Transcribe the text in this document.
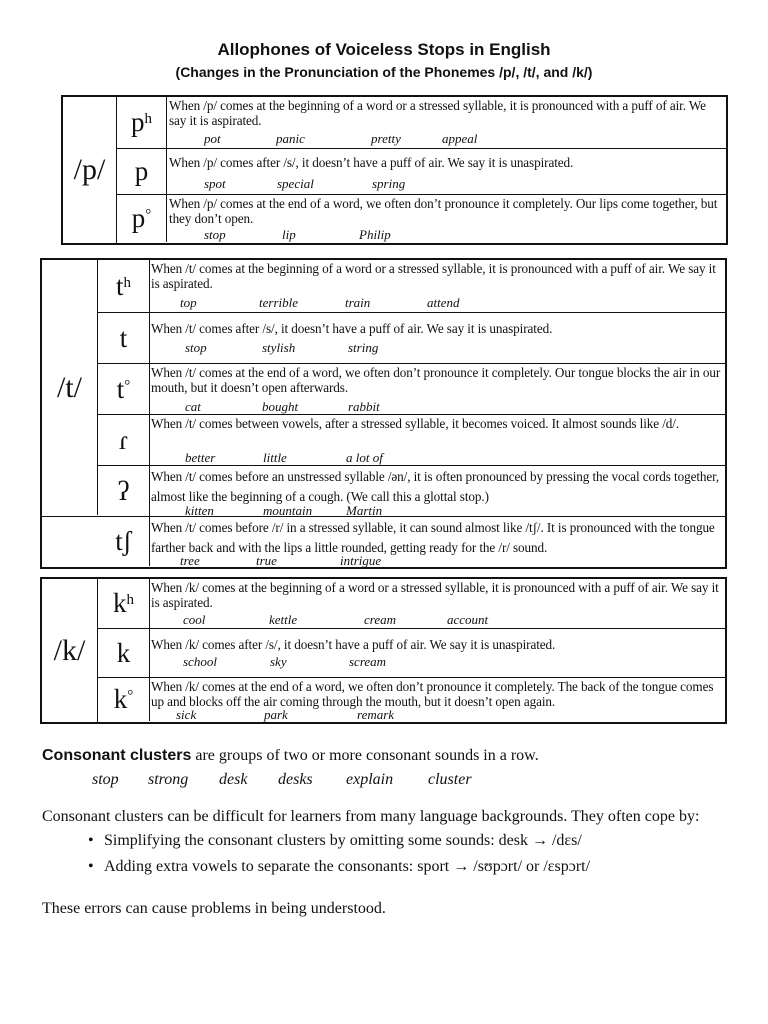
Allophones of Voiceless Stops in English
(Changes in the Pronunciation of the Phonemes /p/, /t/, and /k/)
/p/
$p^h$
When /p/ comes at the beginning of a word or a stressed syllable, it is pronounced with a puff of air. We say it is aspirated.
pot	panic	pretty	appeal
p When /p/ comes after /s/, it doesn’t have a puff of air. We say it is unaspirated.
spot	special	spring
p°
When /p/ comes at the end of a word, we often don’t pronounce it completely. Our lips come together, but they don’t open.
stop	lip	Philip
/t/
$t^h$
When /t/ comes at the beginning of a word or a stressed syllable, it is pronounced with a puff of air. We say it is aspirated.
top	terrible	train	attend
t When /t/ comes after /s/, it doesn’t have a puff of air. We say it is unaspirated.
stop	stylish	string
t°
When /t/ comes at the end of a word, we often don’t pronounce it completely. Our tongue blocks the air in our mouth, but it doesn’t open afterwards.
cat	bought	rabbit
ɾ
When /t/ comes between vowels, after a stressed syllable, it becomes voiced. It almost sounds like /d/.
better	little	a lot of
ʔ When /t/ comes before an unstressed syllable /ən/, it is often pronounced by pressing the vocal cords together, almost like the beginning of a cough. (We call this a glottal stop.)
kitten	mountain	Martin
tʃ When /t/ comes before /r/ in a stressed syllable, it can sound almost like /tʃ/. It is pronounced with the tongue farther back and with the lips a little rounded, getting ready for the /r/ sound.
tree	true	intrigue
/k/
$k^h$
When /k/ comes at the beginning of a word or a stressed syllable, it is pronounced with a puff of air. We say it is aspirated.
cool	kettle	cream	account
k When /k/ comes after /s/, it doesn’t have a puff of air. We say it is unaspirated.
school	sky	scream
k°
When /k/ comes at the end of a word, we often don’t pronounce it completely. The back of the tongue comes up and blocks off the air coming through the mouth, but it doesn’t open again.
sick	park	remark
Consonant clusters are groups of two or more consonant sounds in a row.
stop strong desk desks explain cluster
Consonant clusters can be difficult for learners from many language backgrounds. They often cope by:
• Simplifying the consonant clusters by omitting some sounds: desk → /dɛs/
• Adding extra vowels to separate the consonants: sport → /sʊpɔrt/ or /ɛspɔrt/
These errors can cause problems in being understood.
